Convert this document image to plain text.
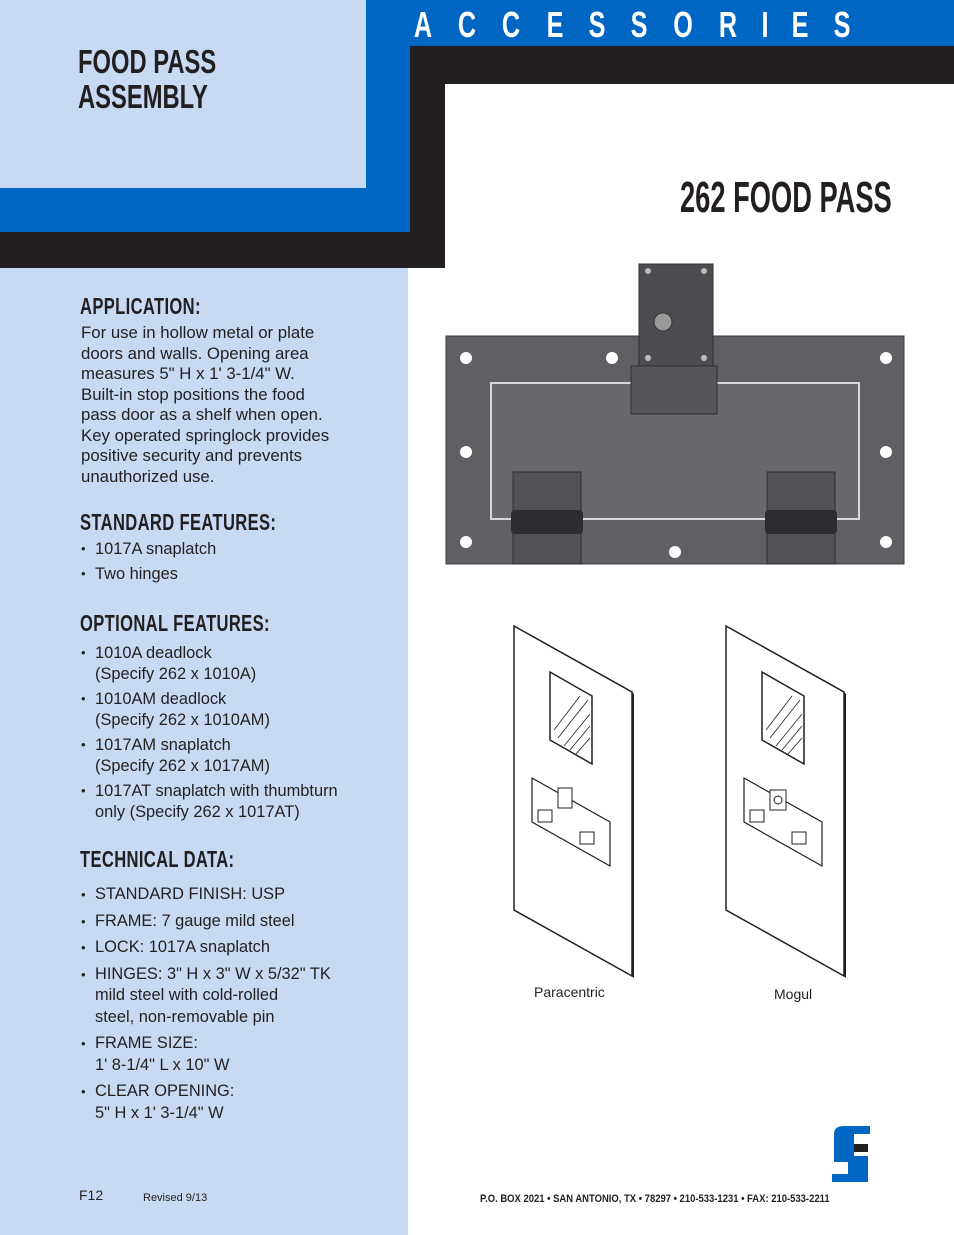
A C C E S S O R I E S
FOOD PASS
ASSEMBLY
262 FOOD PASS
APPLICATION:
For use in hollow metal or plate
doors and walls. Opening area
measures 5" H x 1' 3-1/4" W.
Built-in stop positions the food
pass door as a shelf when open.
Key operated springlock provides
positive security and prevents
unauthorized use.
STANDARD FEATURES:
• 1017A snaplatch
• Two hinges
OPTIONAL FEATURES:
• 1010A deadlock
(Specify 262 x 1010A)
• 1010AM deadlock
(Specify 262 x 1010AM)
• 1017AM snaplatch
(Specify 262 x 1017AM)
• 1017AT snaplatch with thumbturn
only (Specify 262 x 1017AT)
TECHNICAL DATA:
• STANDARD FINISH: USP
• FRAME: 7 gauge mild steel
• LOCK: 1017A snaplatch
• HINGES: 3" H x 3" W x 5/32" TK
mild steel with cold-rolled
steel, non-removable pin
• FRAME SIZE:
1' 8-1/4" L x 10" W
• CLEAR OPENING:
5" H x 1' 3-1/4" W
Paracentric	Mogul
F12	Revised 9/13	P.O. BOX 2021 • SAN ANTONIO, TX • 78297 • 210-533-1231 • FAX: 210-533-2211
